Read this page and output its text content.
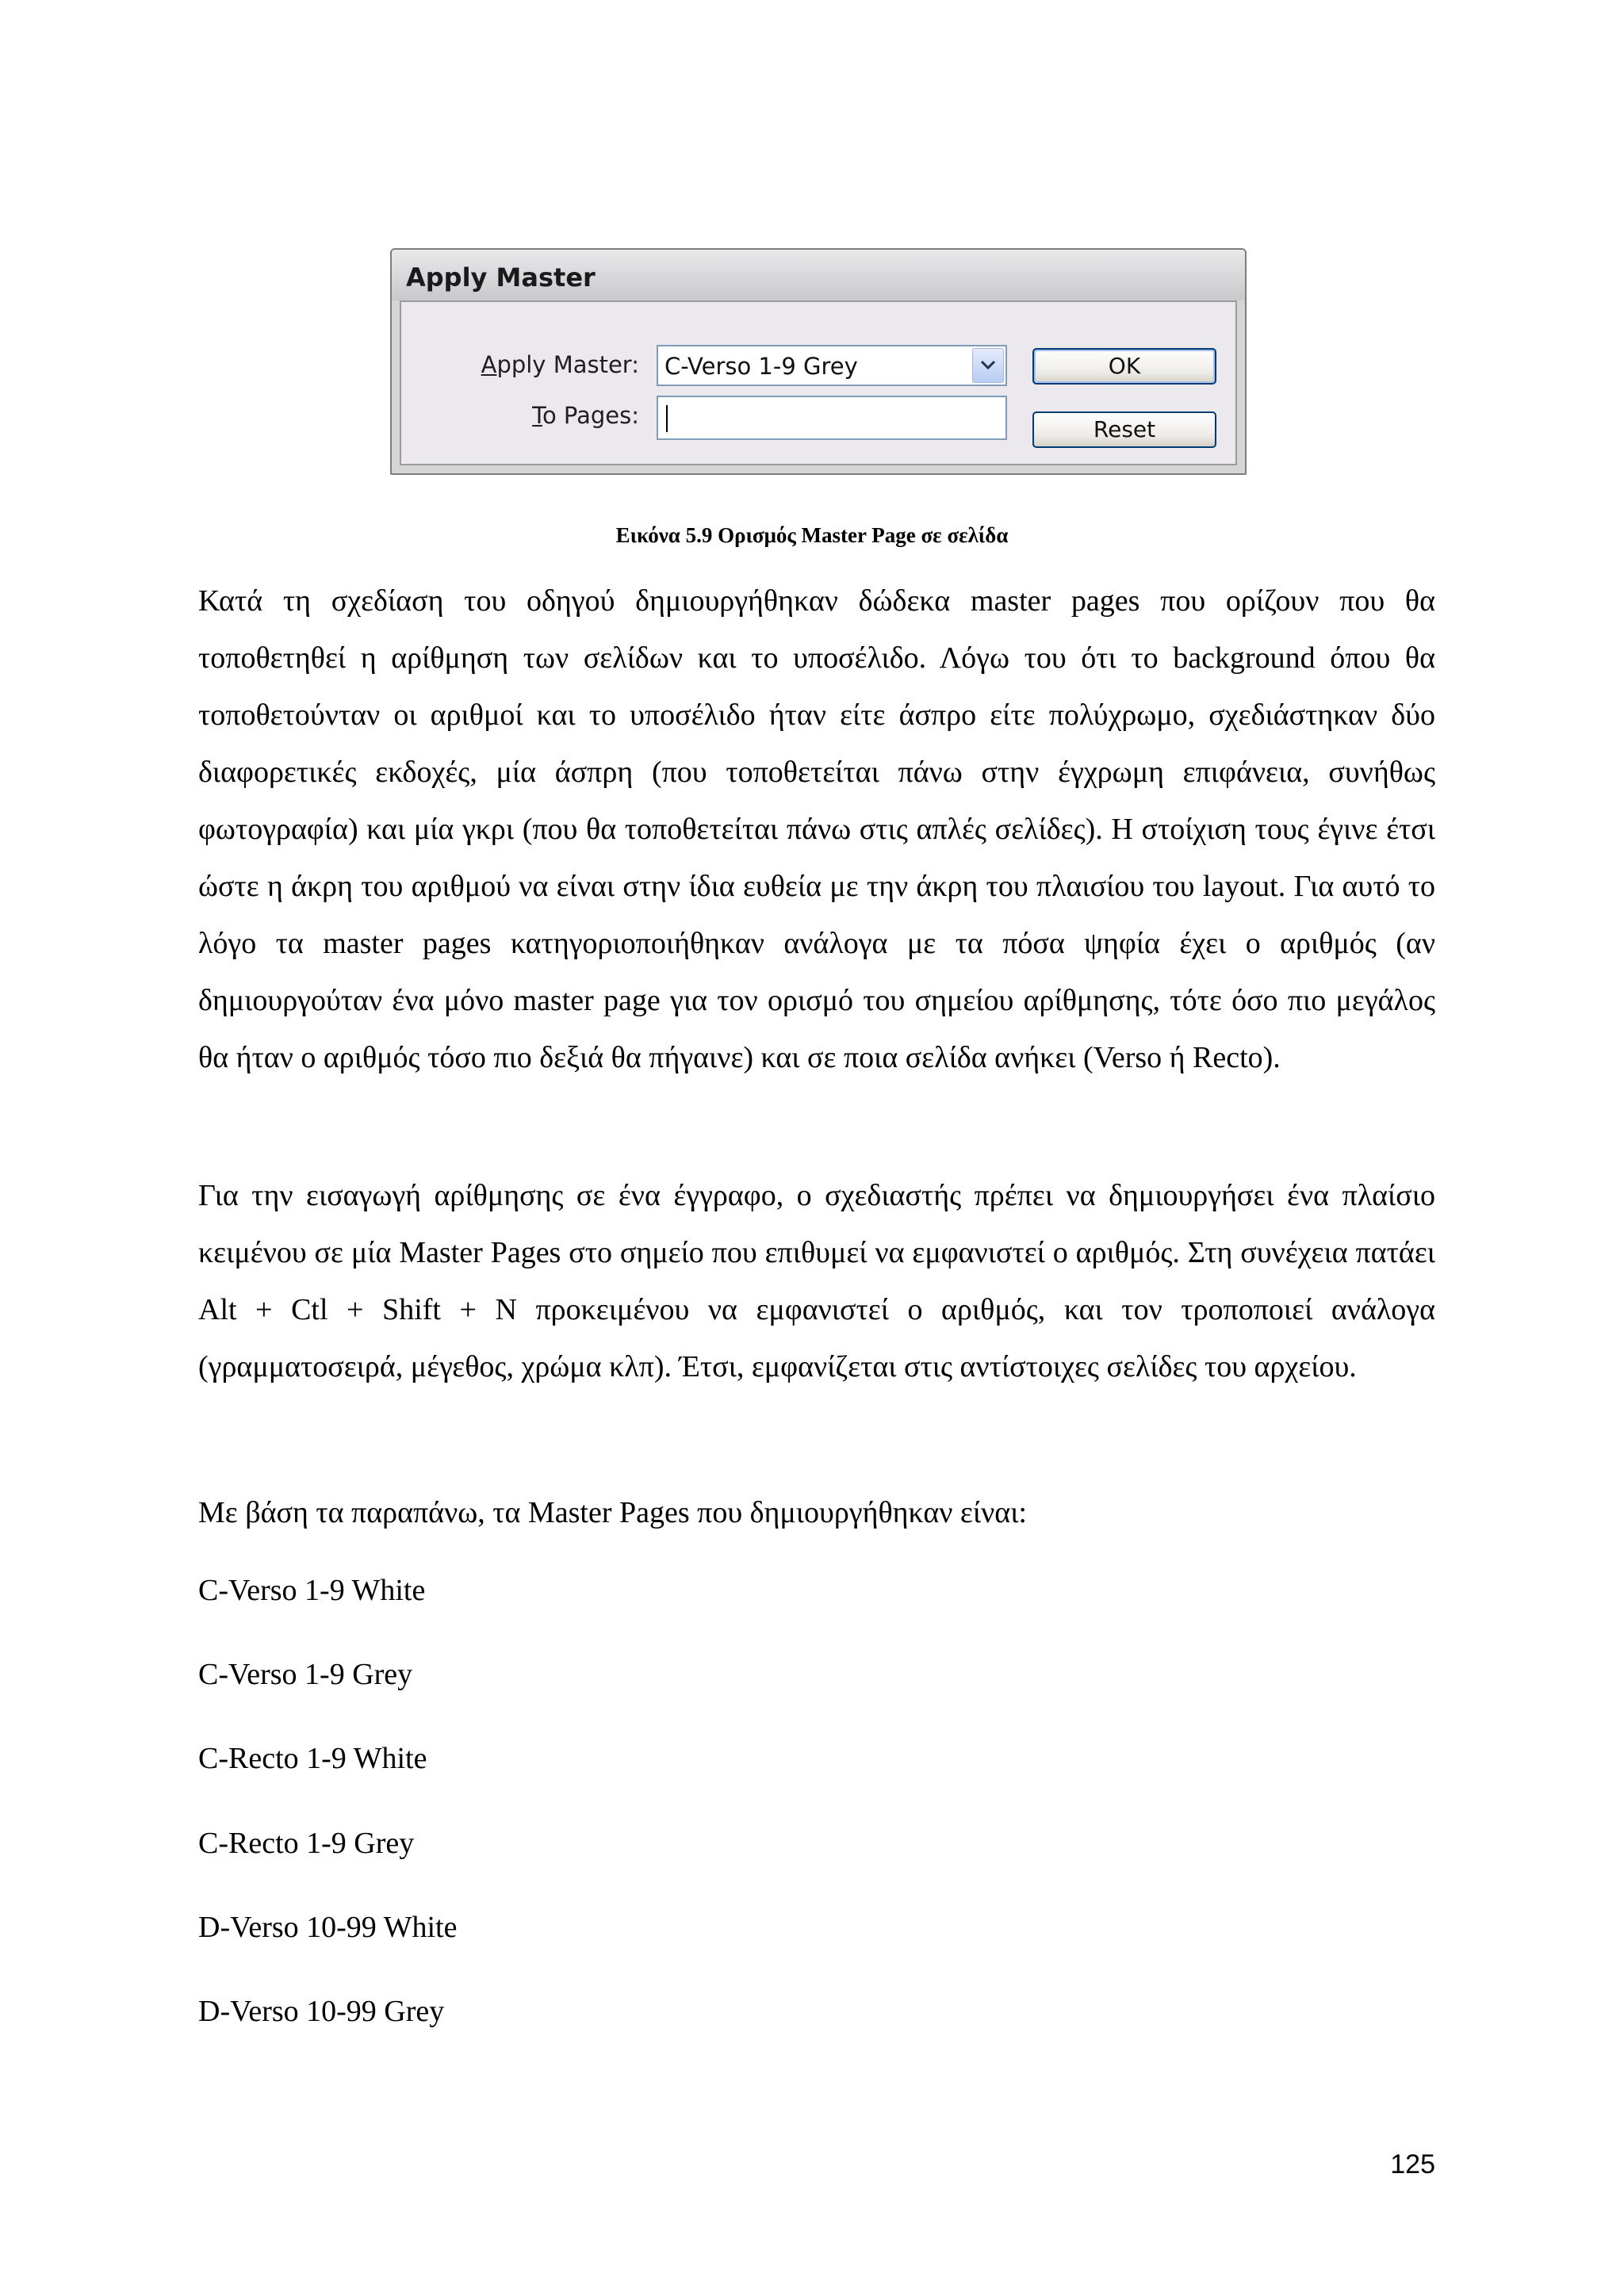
Apply Master
Apply Master: C-Verso 1-9 Grey
To Pages:
OK
Reset
Εικόνα 5.9 Ορισμός Master Page σε σελίδα

Κατά τη σχεδίαση του οδηγού δημιουργήθηκαν δώδεκα master pages που ορίζουν που θα τοποθετηθεί η αρίθμηση των σελίδων και το υποσέλιδο. Λόγω του ότι το background όπου θα τοποθετούνταν οι αριθμοί και το υποσέλιδο ήταν είτε άσπρο είτε πολύχρωμο, σχεδιάστηκαν δύο διαφορετικές εκδοχές, μία άσπρη (που τοποθετείται πάνω στην έγχρωμη επιφάνεια, συνήθως φωτογραφία) και μία γκρι (που θα τοποθετείται πάνω στις απλές σελίδες). Η στοίχιση τους έγινε έτσι ώστε η άκρη του αριθμού να είναι στην ίδια ευθεία με την άκρη του πλαισίου του layout. Για αυτό το λόγο τα master pages κατηγοριοποιήθηκαν ανάλογα με τα πόσα ψηφία έχει ο αριθμός (αν δημιουργούταν ένα μόνο master page για τον ορισμό του σημείου αρίθμησης, τότε όσο πιο μεγάλος θα ήταν ο αριθμός τόσο πιο δεξιά θα πήγαινε) και σε ποια σελίδα ανήκει (Verso ή Recto).

Για την εισαγωγή αρίθμησης σε ένα έγγραφο, ο σχεδιαστής πρέπει να δημιουργήσει ένα πλαίσιο κειμένου σε μία Master Pages στο σημείο που επιθυμεί να εμφανιστεί ο αριθμός. Στη συνέχεια πατάει Alt + Ctl + Shift + N προκειμένου να εμφανιστεί ο αριθμός, και τον τροποποιεί ανάλογα (γραμματοσειρά, μέγεθος, χρώμα κλπ). Έτσι, εμφανίζεται στις αντίστοιχες σελίδες του αρχείου.

Με βάση τα παραπάνω, τα Master Pages που δημιουργήθηκαν είναι:

C-Verso 1-9 White
C-Verso 1-9 Grey
C-Recto 1-9 White
C-Recto 1-9 Grey
D-Verso 10-99 White
D-Verso 10-99 Grey
125
